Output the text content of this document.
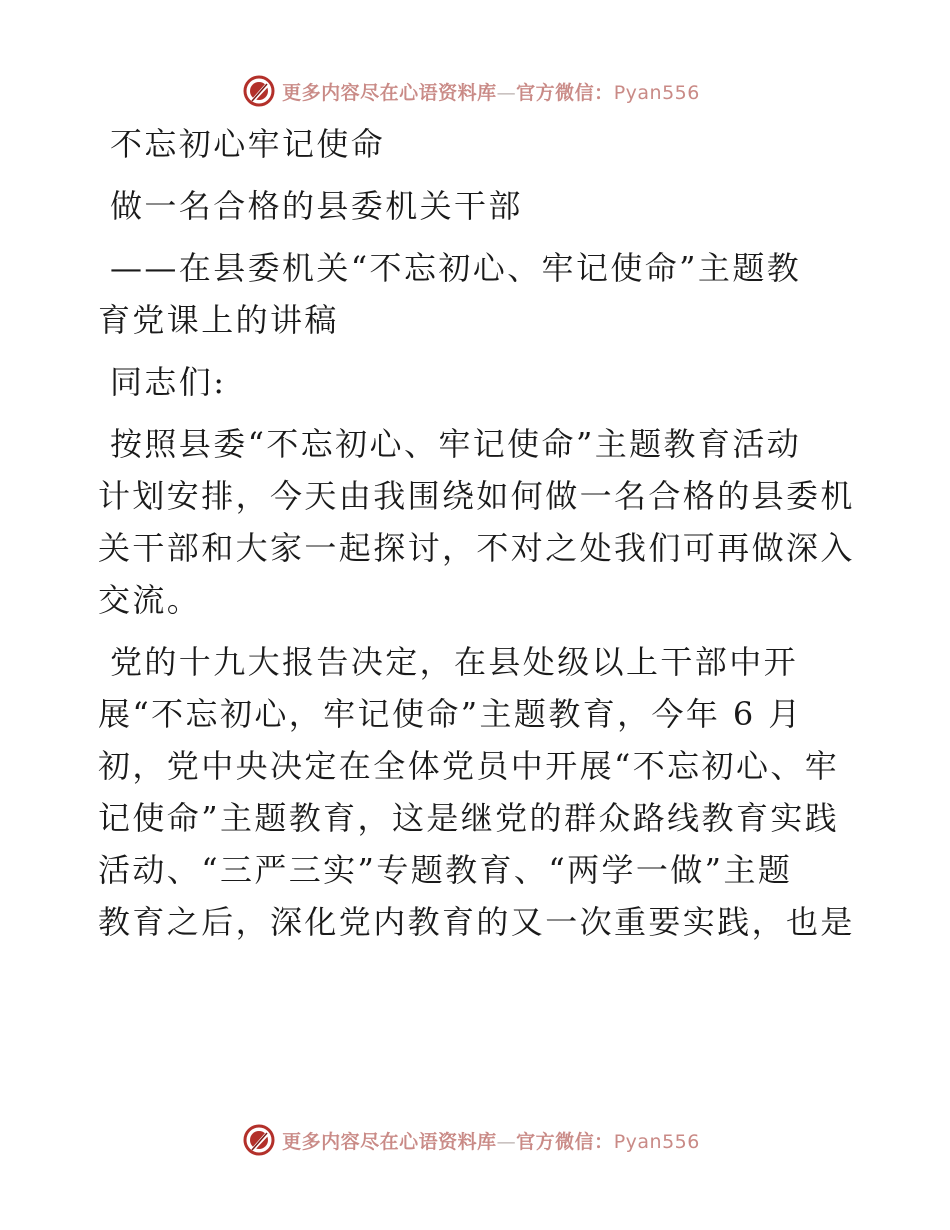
更多内容尽在心语资料库—官方微信：Pyan556

不忘初心牢记使命

做一名合格的县委机关干部

——在县委机关“不忘初心、牢记使命”主题教

育党课上的讲稿

同志们:

按照县委“不忘初心、牢记使命”主题教育活动

计划安排，今天由我围绕如何做一名合格的县委机

关干部和大家一起探讨，不对之处我们可再做深入

交流。

党的十九大报告决定，在县处级以上干部中开

展“不忘初心，牢记使命”主题教育，今年 6 月

初，党中央决定在全体党员中开展“不忘初心、牢

记使命”主题教育，这是继党的群众路线教育实践

活动、“三严三实”专题教育、“两学一做”主题

教育之后，深化党内教育的又一次重要实践，也是

更多内容尽在心语资料库—官方微信：Pyan556
